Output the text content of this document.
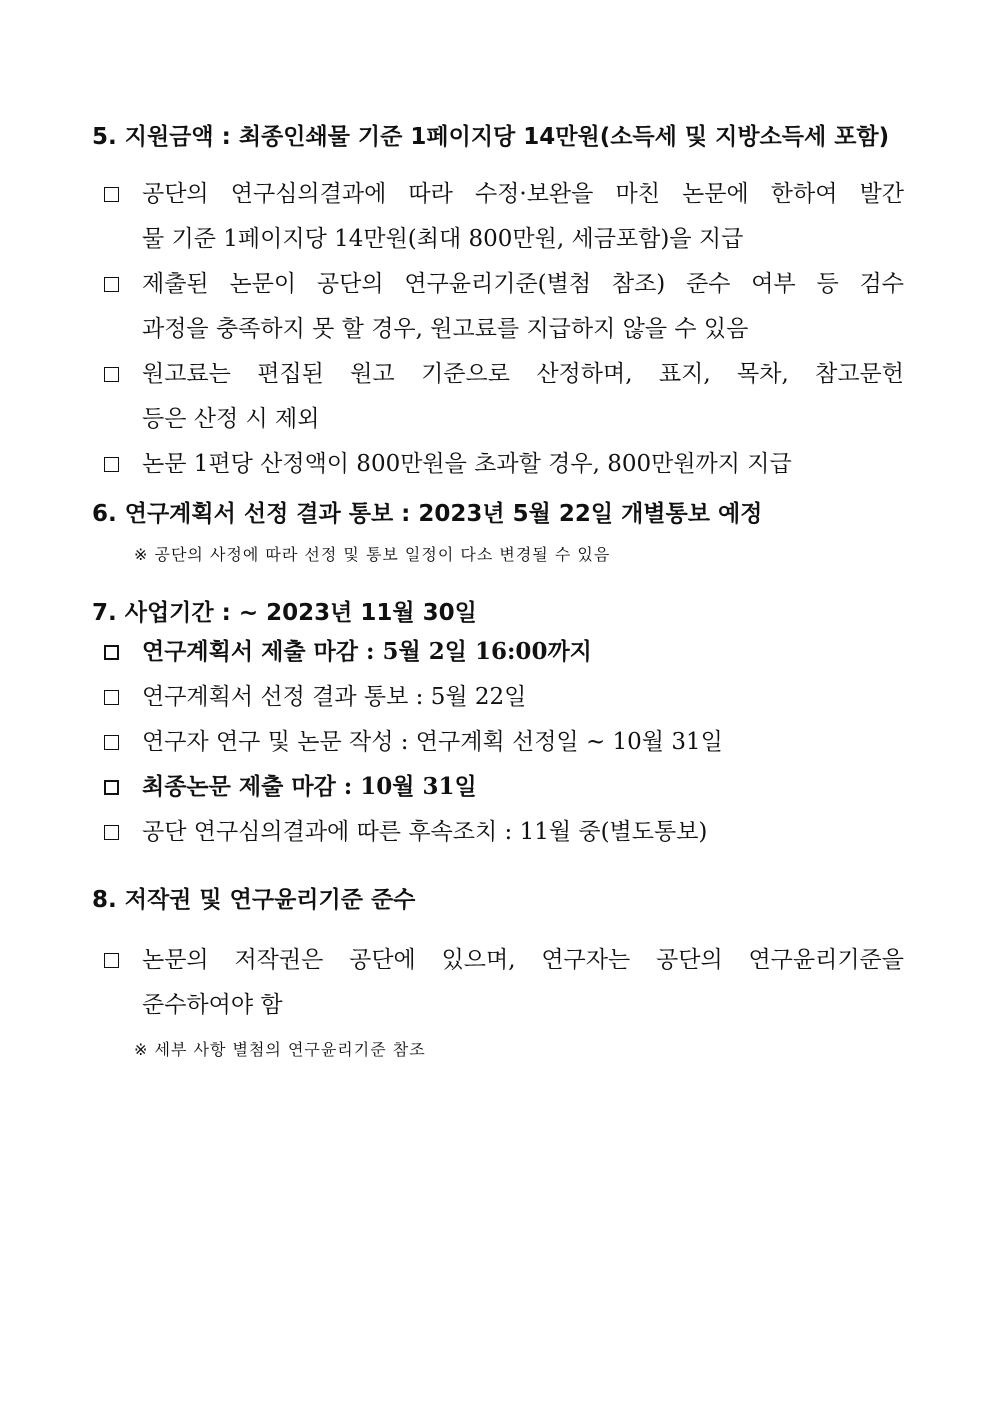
5. 지원금액 : 최종인쇄물 기준 1페이지당 14만원(소득세 및 지방소득세 포함)
공단의 연구심의결과에 따라 수정·보완을 마친 논문에 한하여 발간
물 기준 1페이지당 14만원(최대 800만원, 세금포함)을 지급
제출된 논문이 공단의 연구윤리기준(별첨 참조) 준수 여부 등 검수
과정을 충족하지 못 할 경우, 원고료를 지급하지 않을 수 있음
원고료는 편집된 원고 기준으로 산정하며, 표지, 목차, 참고문헌
등은 산정 시 제외
논문 1편당 산정액이 800만원을 초과할 경우, 800만원까지 지급
6. 연구계획서 선정 결과 통보 : 2023년 5월 22일 개별통보 예정
※ 공단의 사정에 따라 선정 및 통보 일정이 다소 변경될 수 있음
7. 사업기간 : ~ 2023년 11월 30일
연구계획서 제출 마감 : 5월 2일 16:00까지
연구계획서 선정 결과 통보 : 5월 22일
연구자 연구 및 논문 작성 : 연구계획 선정일 ~ 10월 31일
최종논문 제출 마감 : 10월 31일
공단 연구심의결과에 따른 후속조치 : 11월 중(별도통보)
8. 저작권 및 연구윤리기준 준수
논문의 저작권은 공단에 있으며, 연구자는 공단의 연구윤리기준을
준수하여야 함
※ 세부 사항 별첨의 연구윤리기준 참조
